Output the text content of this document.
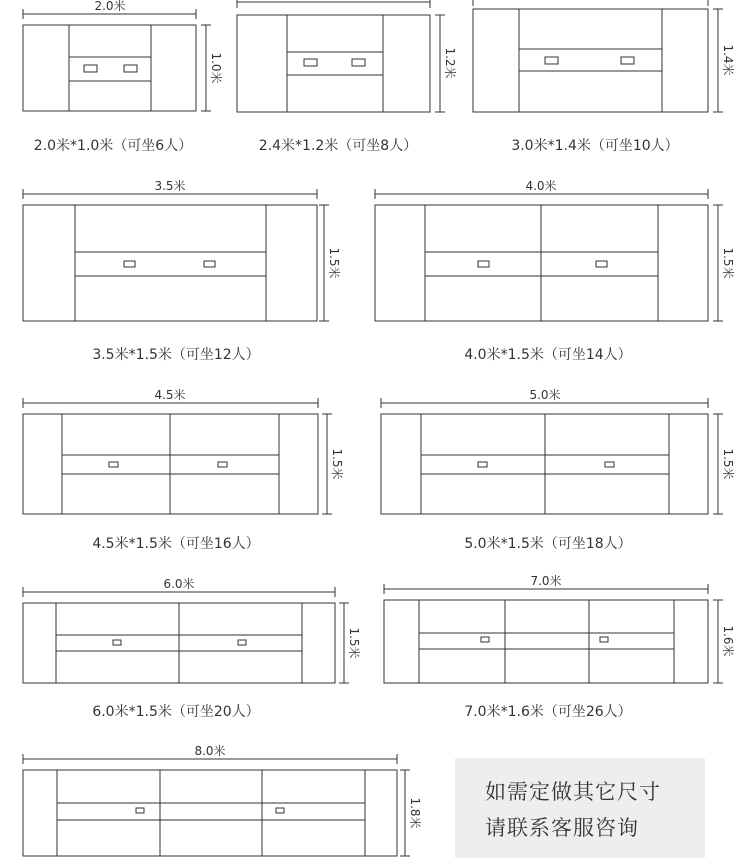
2.0米
3.5米	4.0米
4.5米	5.0米
6.0米	7.0米
8.0米
1.0米	1.2米	1.4米
1.5米	1.5米
1.5米	1.5米
1.5米	1.6米
1.8米
2.0米*1.0米（可坐6人）	2.4米*1.2米（可坐8人）	3.0米*1.4米（可坐10人）
3.5米*1.5米（可坐12人）	4.0米*1.5米（可坐14人）
4.5米*1.5米（可坐16人）	5.0米*1.5米（可坐18人）
6.0米*1.5米（可坐20人）	7.0米*1.6米（可坐26人）
如需定做其它尺寸
请联系客服咨询
